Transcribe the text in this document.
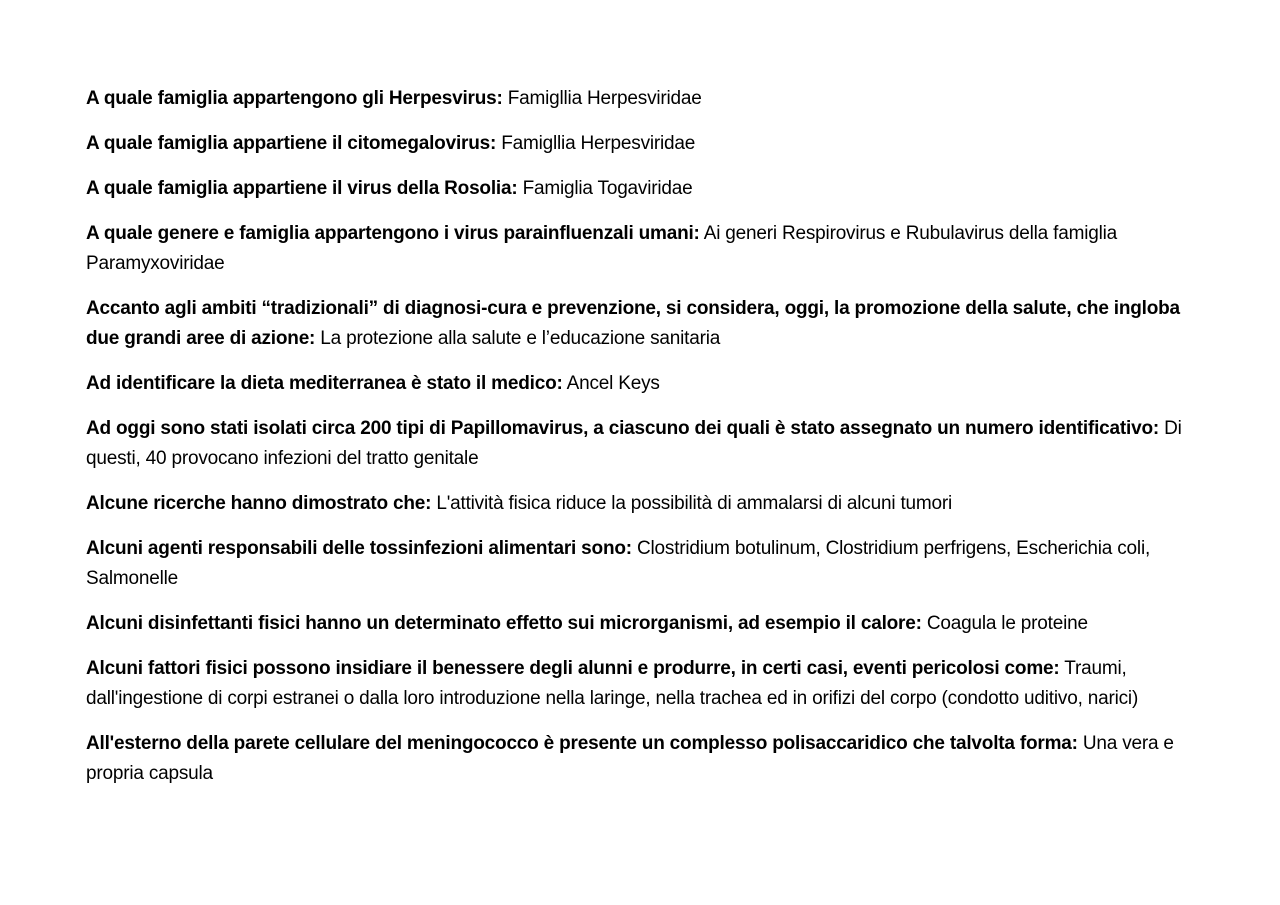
A quale famiglia appartengono gli Herpesvirus: Famigllia Herpesviridae

A quale famiglia appartiene il citomegalovirus: Famigllia Herpesviridae

A quale famiglia appartiene il virus della Rosolia: Famiglia Togaviridae

A quale genere e famiglia appartengono i virus parainfluenzali umani: Ai generi Respirovirus e Rubulavirus della famiglia Paramyxoviridae

Accanto agli ambiti “tradizionali” di diagnosi-cura e prevenzione, si considera, oggi, la promozione della salute, che ingloba due grandi aree di azione: La protezione alla salute e l’educazione sanitaria

Ad identificare la dieta mediterranea è stato il medico: Ancel Keys

Ad oggi sono stati isolati circa 200 tipi di Papillomavirus, a ciascuno dei quali è stato assegnato un numero identificativo: Di questi, 40 provocano infezioni del tratto genitale

Alcune ricerche hanno dimostrato che: L'attività fisica riduce la possibilità di ammalarsi di alcuni tumori

Alcuni agenti responsabili delle tossinfezioni alimentari sono: Clostridium botulinum, Clostridium perfrigens, Escherichia coli, Salmonelle

Alcuni disinfettanti fisici hanno un determinato effetto sui microrganismi, ad esempio il calore: Coagula le proteine

Alcuni fattori fisici possono insidiare il benessere degli alunni e produrre, in certi casi, eventi pericolosi come: Traumi, dall'ingestione di corpi estranei o dalla loro introduzione nella laringe, nella trachea ed in orifizi del corpo (condotto uditivo, narici)

All'esterno della parete cellulare del meningococco è presente un complesso polisaccaridico che talvolta forma: Una vera e propria capsula
